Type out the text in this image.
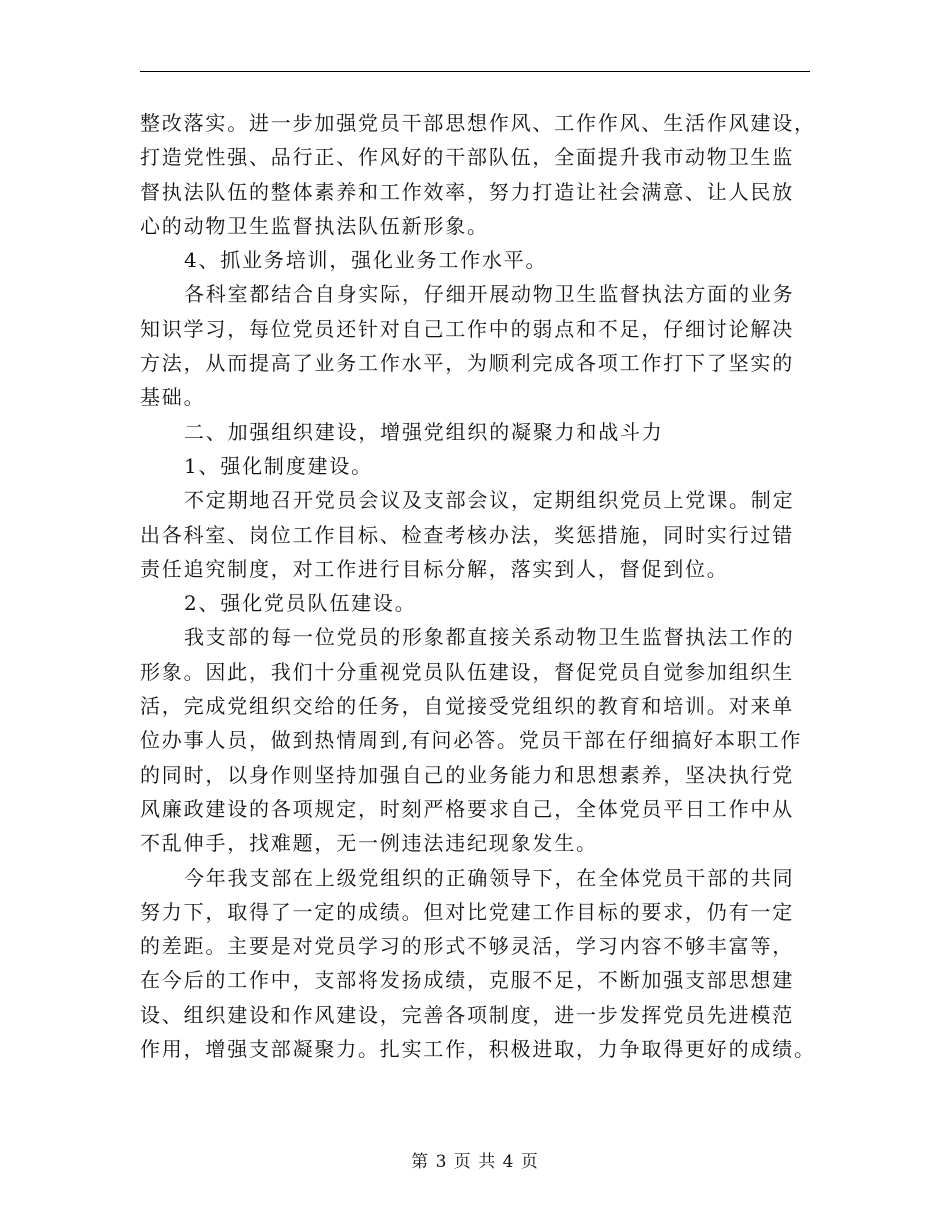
整改落实。进一步加强党员干部思想作风、工作作风、生活作风建设，
打造党性强、品行正、作风好的干部队伍，全面提升我市动物卫生监
督执法队伍的整体素养和工作效率，努力打造让社会满意、让人民放
心的动物卫生监督执法队伍新形象。
4、抓业务培训，强化业务工作水平。
各科室都结合自身实际，仔细开展动物卫生监督执法方面的业务
知识学习，每位党员还针对自己工作中的弱点和不足，仔细讨论解决
方法，从而提高了业务工作水平，为顺利完成各项工作打下了坚实的
基础。
二、加强组织建设，增强党组织的凝聚力和战斗力
1、强化制度建设。
不定期地召开党员会议及支部会议，定期组织党员上党课。制定
出各科室、岗位工作目标、检查考核办法，奖惩措施，同时实行过错
责任追究制度，对工作进行目标分解，落实到人，督促到位。
2、强化党员队伍建设。
我支部的每一位党员的形象都直接关系动物卫生监督执法工作的
形象。因此，我们十分重视党员队伍建设，督促党员自觉参加组织生
活，完成党组织交给的任务，自觉接受党组织的教育和培训。对来单
位办事人员，做到热情周到,有问必答。党员干部在仔细搞好本职工作
的同时，以身作则坚持加强自己的业务能力和思想素养，坚决执行党
风廉政建设的各项规定，时刻严格要求自己，全体党员平日工作中从
不乱伸手，找难题，无一例违法违纪现象发生。
今年我支部在上级党组织的正确领导下，在全体党员干部的共同
努力下，取得了一定的成绩。但对比党建工作目标的要求，仍有一定
的差距。主要是对党员学习的形式不够灵活，学习内容不够丰富等，
在今后的工作中，支部将发扬成绩，克服不足，不断加强支部思想建
设、组织建设和作风建设，完善各项制度，进一步发挥党员先进模范
作用，增强支部凝聚力。扎实工作，积极进取，力争取得更好的成绩。
第 3 页 共 4 页
